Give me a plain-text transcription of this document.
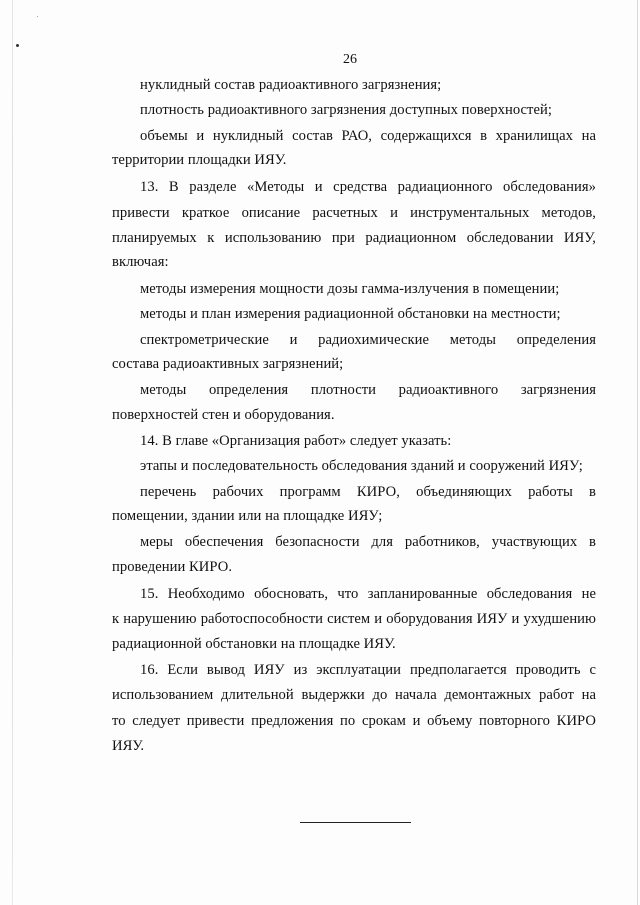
26
нуклидный состав радиоактивного загрязнения;
плотность радиоактивного загрязнения доступных поверхностей;
объемы и нуклидный состав РАО, содержащихся в хранилищах на
территории площадки ИЯУ.
13. В разделе «Методы и средства радиационного обследования»
привести краткое описание расчетных и инструментальных методов,
планируемых к использованию при радиационном обследовании ИЯУ,
включая:
методы измерения мощности дозы гамма-излучения в помещении;
методы и план измерения радиационной обстановки на местности;
спектрометрические и радиохимические методы определения
состава радиоактивных загрязнений;
методы определения плотности радиоактивного загрязнения
поверхностей стен и оборудования.
14. В главе «Организация работ» следует указать:
этапы и последовательность обследования зданий и сооружений ИЯУ;
перечень рабочих программ КИРО, объединяющих работы в
помещении, здании или на площадке ИЯУ;
меры обеспечения безопасности для работников, участвующих в
проведении КИРО.
15. Необходимо обосновать, что запланированные обследования не
к нарушению работоспособности систем и оборудования ИЯУ и ухудшению
радиационной обстановки на площадке ИЯУ.
16. Если вывод ИЯУ из эксплуатации предполагается проводить с
использованием длительной выдержки до начала демонтажных работ на
то следует привести предложения по срокам и объему повторного КИРО
ИЯУ.
